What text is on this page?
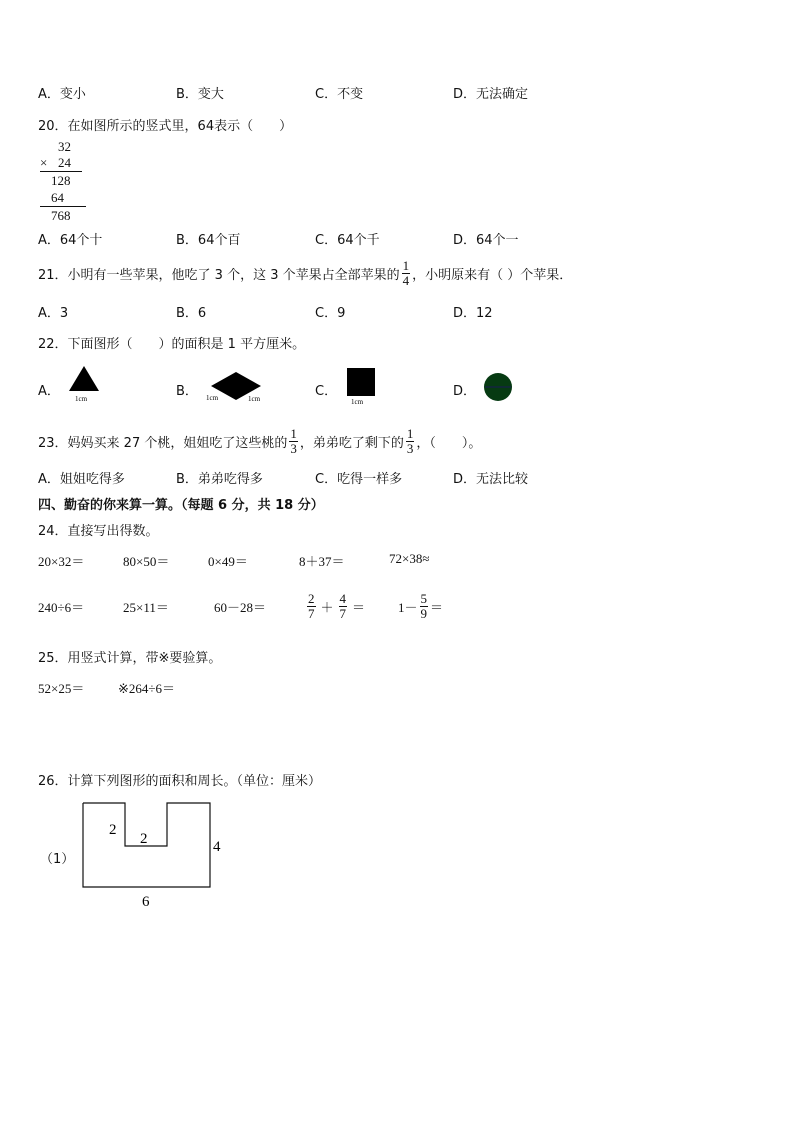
A．变小	B．变大	C．不变	D．无法确定
20．在如图所示的竖式里，64表示（　　）
32
× 24
128
64
768
A．64个十	B．64个百	C．64个千	D．64个一
21．小明有一些苹果，他吃了 3 个，这 3 个苹果占全部苹果的 $\frac{1}{4}$ ，小明原来有（ ）个苹果．
A．3	B．6	C．9	D．12
22．下面图形（　　）的面积是 1 平方厘米。
A． 1cm	B． 1cm	1cm	C．
1cm
D．
23．妈妈买来 27 个桃，姐姐吃了这些桃的 $\frac{1}{3}$ ，弟弟吃了剩下的 $\frac{1}{3}$ ，（　　）。
A．姐姐吃得多	B．弟弟吃得多	C．吃得一样多	D．无法比较
四、勤奋的你来算一算。（每题 6 分，共 18 分）
24．直接写出得数。
20×32＝	80×50＝	0×49＝	8＋37＝	72×38≈
240÷6＝	25×11＝	60－28＝	$\frac{2}{7} + \frac{4}{7}$ ＝	$1- \frac{5}{9}$ ＝
25．用竖式计算，带※要验算。
52×25＝	※264÷6＝
26．计算下列图形的面积和周长。（单位：厘米）
（1）
2
2	4
6
